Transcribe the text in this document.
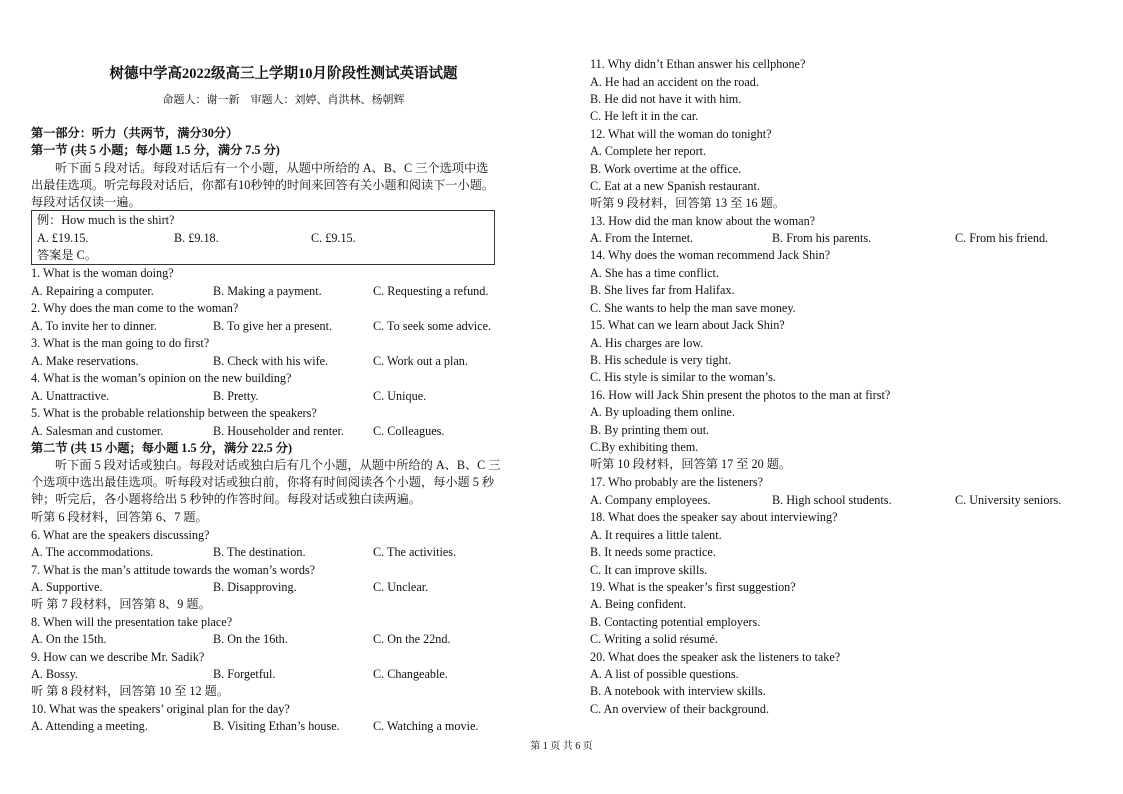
树德中学高2022级高三上学期10月阶段性测试英语试题
命题人：谢一新　审题人：刘婷、肖洪林、杨朝辉
第一部分：听力（共两节，满分30分）
第一节 (共 5 小题；每小题 1.5 分，满分 7.5 分)
听下面 5 段对话。每段对话后有一个小题，从题中所给的 A、B、C 三个选项中选
出最佳选项。听完每段对话后，你都有10秒钟的时间来回答有关小题和阅读下一小题。
每段对话仅读一遍。
例：How much is the shirt?
A. £19.15.	B. £9.18.	C. £9.15.
答案是 C。
1. What is the woman doing?
A. Repairing a computer.	B. Making a payment.	C. Requesting a refund.
2. Why does the man come to the woman?
A. To invite her to dinner.	B. To give her a present.	C. To seek some advice.
3. What is the man going to do first?
A. Make reservations.	B. Check with his wife.	C. Work out a plan.
4. What is the woman’s opinion on the new building?
A. Unattractive.	B. Pretty.	C. Unique.
5. What is the probable relationship between the speakers?
A. Salesman and customer.	B. Householder and renter. C. Colleagues.
第二节 (共 15 小题；每小题 1.5 分，满分 22.5 分)
听下面 5 段对话或独白。每段对话或独白后有几个小题，从题中所给的 A、B、C 三
个选项中选出最佳选项。听每段对话或独白前，你将有时间阅读各个小题，每小题 5 秒
钟；听完后，各小题将给出 5 秒钟的作答时间。每段对话或独白读两遍。
听第 6 段材料，回答第 6、7 题。
6. What are the speakers discussing?
A. The accommodations.	B. The destination.	C. The activities.
7. What is the man’s attitude towards the woman’s words?
A. Supportive.	B. Disapproving.	C. Unclear.
听 第 7 段材料，回答第 8、9 题。
8. When will the presentation take place?
A. On the 15th.	B. On the 16th.	C. On the 22nd.
9. How can we describe Mr. Sadik?
A. Bossy.	B. Forgetful.	C. Changeable.
听 第 8 段材料，回答第 10 至 12 题。
10. What was the speakers’ original plan for the day?
A. Attending a meeting.	B. Visiting Ethan’s house.	C. Watching a movie.
11. Why didn’t Ethan answer his cellphone?
A. He had an accident on the road.
B. He did not have it with him.
C. He left it in the car.
12. What will the woman do tonight?
A. Complete her report.
B. Work overtime at the office.
C. Eat at a new Spanish restaurant.
听第 9 段材料，回答第 13 至 16 题。
13. How did the man know about the woman?
A. From the Internet.	B. From his parents.	C. From his friend.
14. Why does the woman recommend Jack Shin?
A. She has a time conflict.
B. She lives far from Halifax.
C. She wants to help the man save money.
15. What can we learn about Jack Shin?
A. His charges are low.
B. His schedule is very tight.
C. His style is similar to the woman’s.
16. How will Jack Shin present the photos to the man at first?
A. By uploading them online.
B. By printing them out.
C.By exhibiting them.
听第 10 段材料，回答第 17 至 20 题。
17. Who probably are the listeners?
A. Company employees.	B. High school students.	C. University seniors.
18. What does the speaker say about interviewing?
A. It requires a little talent.
B. It needs some practice.
C. It can improve skills.
19. What is the speaker’s first suggestion?
A. Being confident.
B. Contacting potential employers.
C. Writing a solid résumé.
20. What does the speaker ask the listeners to take?
A. A list of possible questions.
B. A notebook with interview skills.
C. An overview of their background.
第 1 页 共 6 页
